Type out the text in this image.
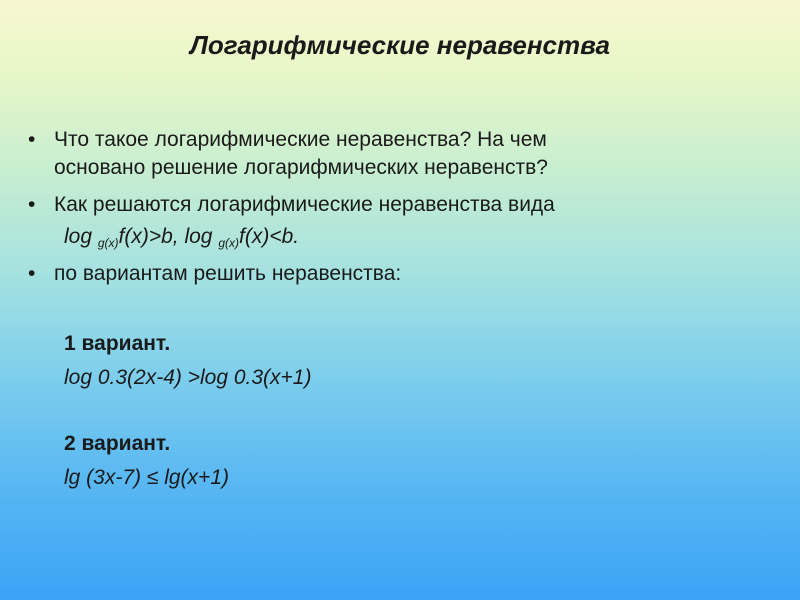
Логарифмические неравенства
• Что такое логарифмические неравенства? На чем
основано решение логарифмических неравенств?
• Как решаются логарифмические неравенства вида
log $_{g(x)}$f(x)>b, log $_{g(x)}$f(x)<b.
• по вариантам решить неравенства:
1 вариант.
log 0.3(2x-4) >log 0.3(x+1)
2 вариант.
lg (3x-7) ≤ lg(x+1)
